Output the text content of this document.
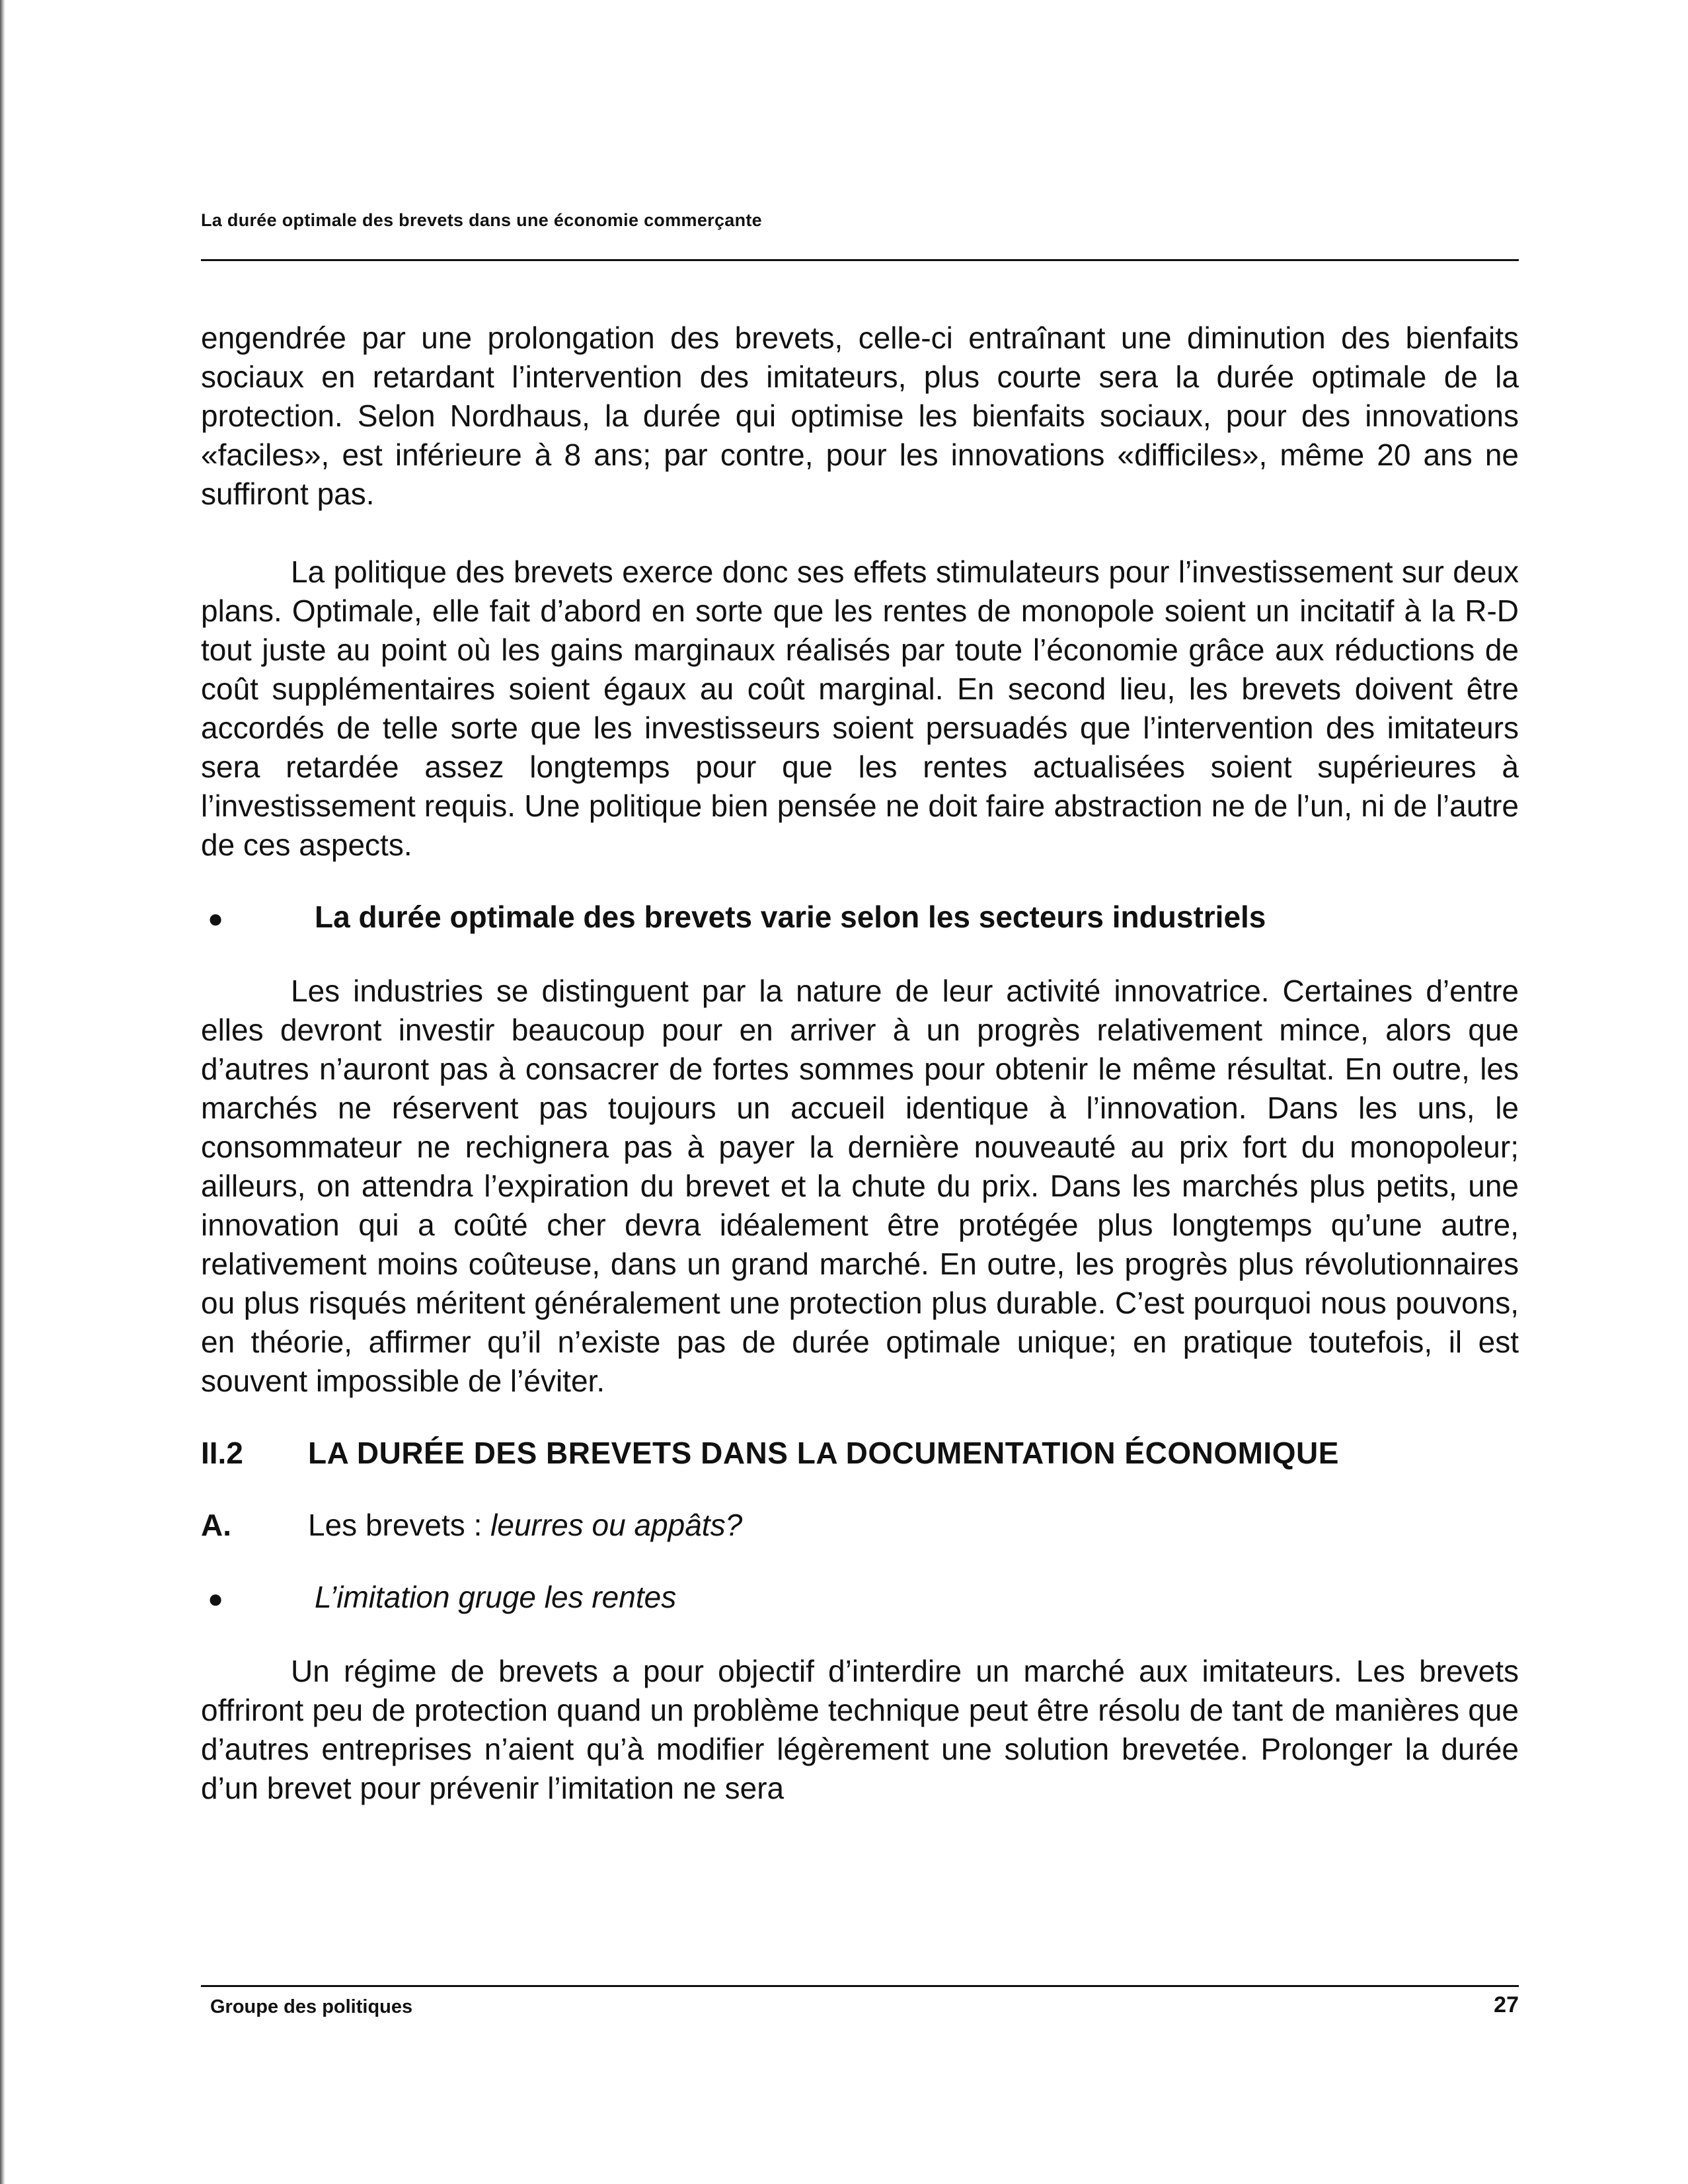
La durée optimale des brevets dans une économie commerçante

engendrée par une prolongation des brevets, celle-ci entraînant une diminution des bienfaits sociaux en retardant l’intervention des imitateurs, plus courte sera la durée optimale de la protection. Selon Nordhaus, la durée qui optimise les bienfaits sociaux, pour des innovations «faciles», est inférieure à 8 ans; par contre, pour les innovations «difficiles», même 20 ans ne suffiront pas.

La politique des brevets exerce donc ses effets stimulateurs pour l’investissement sur deux plans. Optimale, elle fait d’abord en sorte que les rentes de monopole soient un incitatif à la R-D tout juste au point où les gains marginaux réalisés par toute l’économie grâce aux réductions de coût supplémentaires soient égaux au coût marginal. En second lieu, les brevets doivent être accordés de telle sorte que les investisseurs soient persuadés que l’intervention des imitateurs sera retardée assez longtemps pour que les rentes actualisées soient supérieures à l’investissement requis. Une politique bien pensée ne doit faire abstraction ne de l’un, ni de l’autre de ces aspects.

●	La durée optimale des brevets varie selon les secteurs industriels

Les industries se distinguent par la nature de leur activité innovatrice. Certaines d’entre elles devront investir beaucoup pour en arriver à un progrès relativement mince, alors que d’autres n’auront pas à consacrer de fortes sommes pour obtenir le même résultat. En outre, les marchés ne réservent pas toujours un accueil identique à l’innovation. Dans les uns, le consommateur ne rechignera pas à payer la dernière nouveauté au prix fort du monopoleur; ailleurs, on attendra l’expiration du brevet et la chute du prix. Dans les marchés plus petits, une innovation qui a coûté cher devra idéalement être protégée plus longtemps qu’une autre, relativement moins coûteuse, dans un grand marché. En outre, les progrès plus révolutionnaires ou plus risqués méritent généralement une protection plus durable. C’est pourquoi nous pouvons, en théorie, affirmer qu’il n’existe pas de durée optimale unique; en pratique toutefois, il est souvent impossible de l’éviter.

II.2	LA DURÉE DES BREVETS DANS LA DOCUMENTATION ÉCONOMIQUE
A.	Les brevets : leurres ou appâts?
●	L’imitation gruge les rentes

Un régime de brevets a pour objectif d’interdire un marché aux imitateurs. Les brevets offriront peu de protection quand un problème technique peut être résolu de tant de manières que d’autres entreprises n’aient qu’à modifier légèrement une solution brevetée. Prolonger la durée d’un brevet pour prévenir l’imitation ne sera

Groupe des politiques	27
